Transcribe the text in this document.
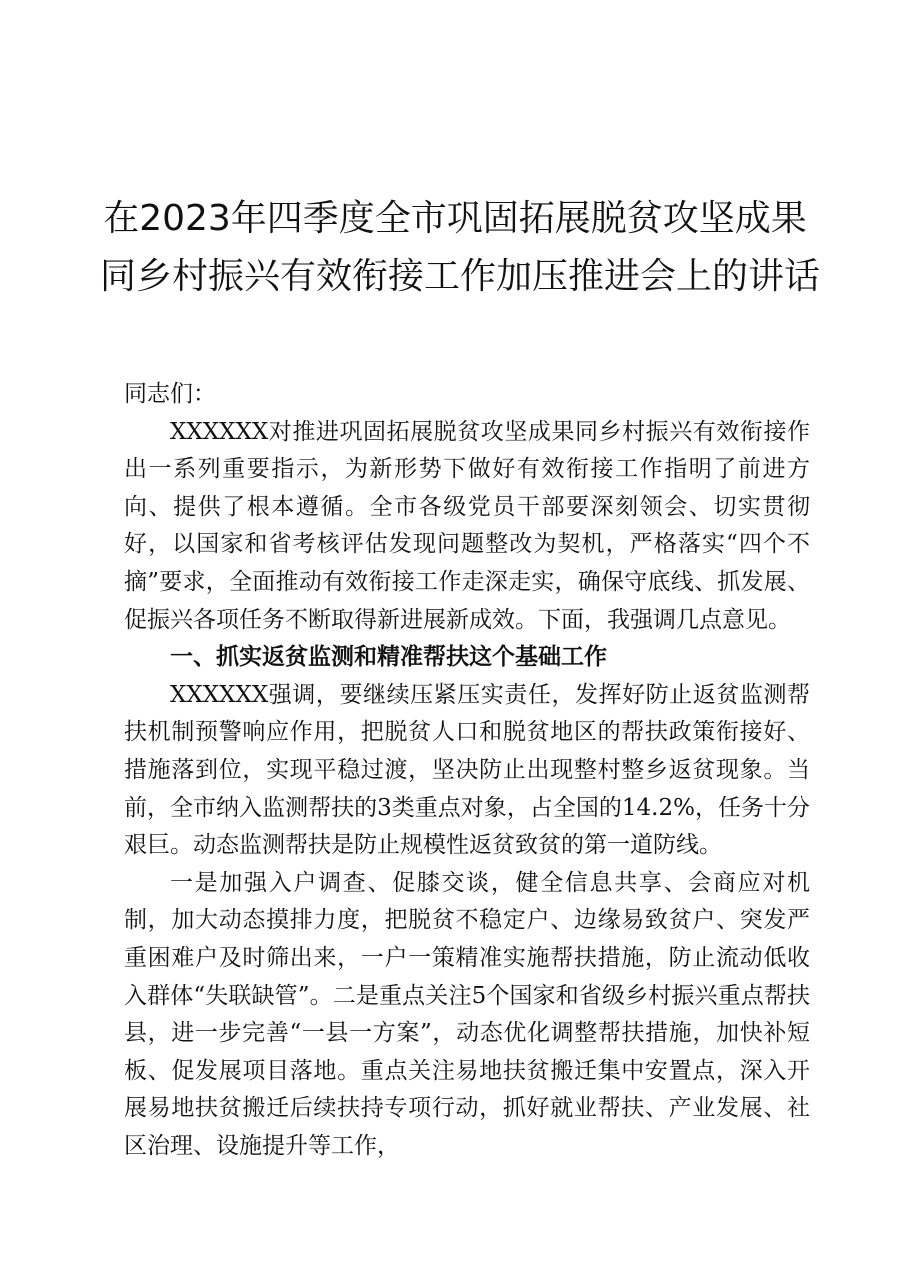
在2023年四季度全市巩固拓展脱贫攻坚成果
同乡村振兴有效衔接工作加压推进会上的讲话

同志们：

XXXXXX对推进巩固拓展脱贫攻坚成果同乡村振兴有效衔接作出一系列重要指示，为新形势下做好有效衔接工作指明了前进方向、提供了根本遵循。全市各级党员干部要深刻领会、切实贯彻好，以国家和省考核评估发现问题整改为契机，严格落实“四个不摘”要求，全面推动有效衔接工作走深走实，确保守底线、抓发展、促振兴各项任务不断取得新进展新成效。下面，我强调几点意见。

一、抓实返贫监测和精准帮扶这个基础工作

XXXXXX强调，要继续压紧压实责任，发挥好防止返贫监测帮扶机制预警响应作用，把脱贫人口和脱贫地区的帮扶政策衔接好、措施落到位，实现平稳过渡，坚决防止出现整村整乡返贫现象。当前，全市纳入监测帮扶的3类重点对象，占全国的14.2%，任务十分艰巨。动态监测帮扶是防止规模性返贫致贫的第一道防线。

一是加强入户调查、促膝交谈，健全信息共享、会商应对机制，加大动态摸排力度，把脱贫不稳定户、边缘易致贫户、突发严重困难户及时筛出来，一户一策精准实施帮扶措施，防止流动低收入群体“失联缺管”。二是重点关注5个国家和省级乡村振兴重点帮扶县，进一步完善“一县一方案”，动态优化调整帮扶措施，加快补短板、促发展项目落地。重点关注易地扶贫搬迁集中安置点，深入开展易地扶贫搬迁后续扶持专项行动，抓好就业帮扶、产业发展、社区治理、设施提升等工作，
